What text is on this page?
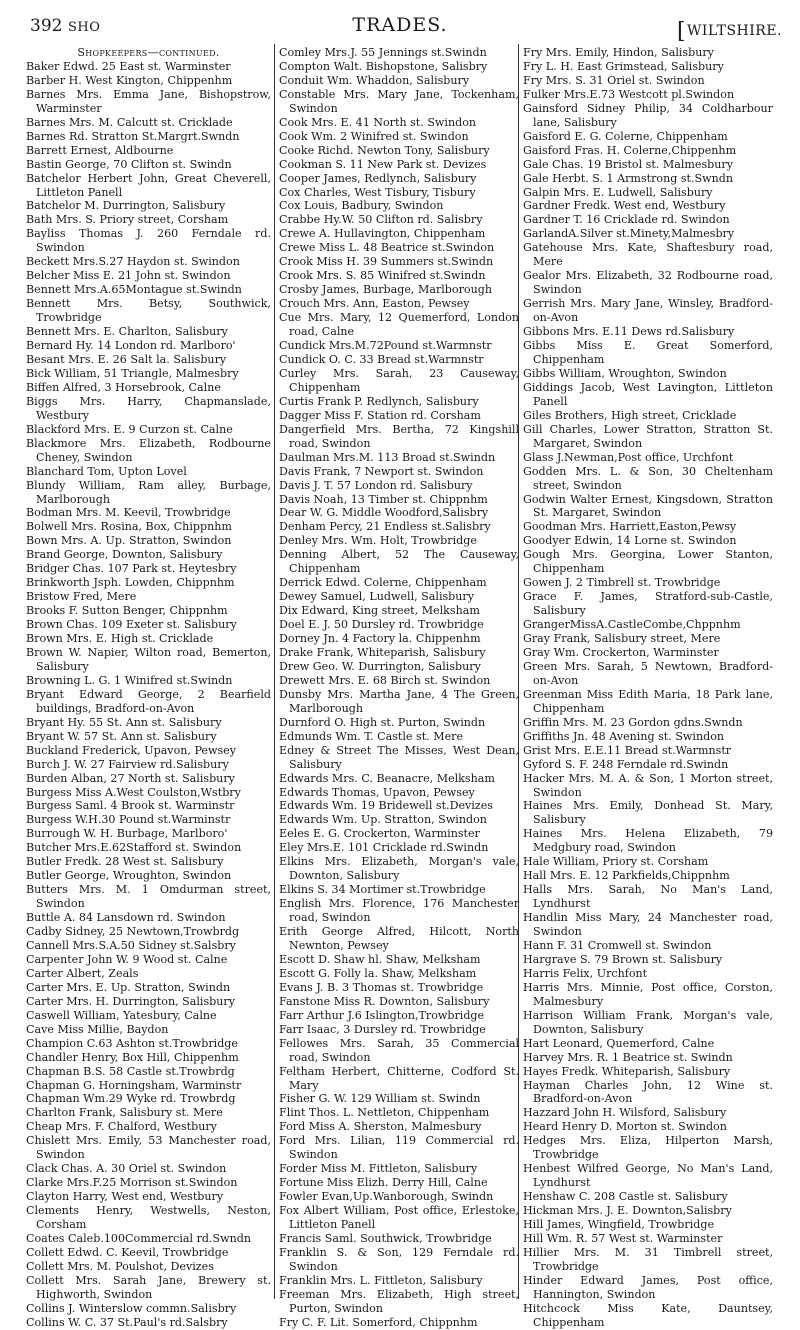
392 SHO	TRADES.	[WILTSHIRE.
Shopkeepers—continued.
Baker Edwd. 25 East st. Warminster
Barber H. West Kington, Chippenhm
Barnes Mrs. Emma Jane, Bishopstrow, Warminster
Barnes Mrs. M. Calcutt st. Cricklade
Barnes Rd. Stratton St.Margrt.Swndn
Barrett Ernest, Aldbourne
Bastin George, 70 Clifton st. Swindn
Batchelor Herbert John, Great Cheverell, Littleton Panell
Batchelor M. Durrington, Salisbury
Bath Mrs. S. Priory street, Corsham
Bayliss Thomas J. 260 Ferndale rd. Swindon
Beckett Mrs.S.27 Haydon st. Swindon
Belcher Miss E. 21 John st. Swindon
Bennett Mrs.A.65Montague st.Swindn
Bennett Mrs. Betsy, Southwick, Trowbridge
Bennett Mrs. E. Charlton, Salisbury
Bernard Hy. 14 London rd. Marlboro'
Besant Mrs. E. 26 Salt la. Salisbury
Bick William, 51 Triangle, Malmesbry
Biffen Alfred, 3 Horsebrook, Calne
Biggs Mrs. Harry, Chapmanslade, Westbury
Blackford Mrs. E. 9 Curzon st. Calne
Blackmore Mrs. Elizabeth, Rodbourne Cheney, Swindon
Blanchard Tom, Upton Lovel
Blundy William, Ram alley, Burbage, Marlborough
Bodman Mrs. M. Keevil, Trowbridge
Bolwell Mrs. Rosina, Box, Chippnhm
Bown Mrs. A. Up. Stratton, Swindon
Brand George, Downton, Salisbury
Bridger Chas. 107 Park st. Heytesbry
Brinkworth Jsph. Lowden, Chippnhm
Bristow Fred, Mere
Brooks F. Sutton Benger, Chippnhm
Brown Chas. 109 Exeter st. Salisbury
Brown Mrs. E. High st. Cricklade
Brown W. Napier, Wilton road, Bemerton, Salisbury
Browning L. G. 1 Winifred st.Swindn
Bryant Edward George, 2 Bearfield buildings, Bradford-on-Avon
Bryant Hy. 55 St. Ann st. Salisbury
Bryant W. 57 St. Ann st. Salisbury
Buckland Frederick, Upavon, Pewsey
Burch J. W. 27 Fairview rd.Salisbury
Burden Alban, 27 North st. Salisbury
Burgess Miss A.West Coulston,Wstbry
Burgess Saml. 4 Brook st. Warminstr
Burgess W.H.30 Pound st.Warminstr
Burrough W. H. Burbage, Marlboro'
Butcher Mrs.E.62Stafford st. Swindon
Butler Fredk. 28 West st. Salisbury
Butler George, Wroughton, Swindon
Butters Mrs. M. 1 Omdurman street, Swindon
Buttle A. 84 Lansdown rd. Swindon
Cadby Sidney, 25 Newtown,Trowbrdg
Cannell Mrs.S.A.50 Sidney st.Salsbry
Carpenter John W. 9 Wood st. Calne
Carter Albert, Zeals
Carter Mrs. E. Up. Stratton, Swindn
Carter Mrs. H. Durrington, Salisbury
Caswell William, Yatesbury, Calne
Cave Miss Millie, Baydon
Champion C.63 Ashton st.Trowbridge
Chandler Henry, Box Hill, Chippenhm
Chapman B.S. 58 Castle st.Trowbrdg
Chapman G. Horningsham, Warminstr
Chapman Wm.29 Wyke rd. Trowbrdg
Charlton Frank, Salisbury st. Mere
Cheap Mrs. F. Chalford, Westbury
Chislett Mrs. Emily, 53 Manchester road, Swindon
Clack Chas. A. 30 Oriel st. Swindon
Clarke Mrs.F.25 Morrison st.Swindon
Clayton Harry, West end, Westbury
Clements Henry, Westwells, Neston, Corsham
Coates Caleb.100Commercial rd.Swndn
Collett Edwd. C. Keevil, Trowbridge
Collett Mrs. M. Poulshot, Devizes
Collett Mrs. Sarah Jane, Brewery st. Highworth, Swindon
Collins J. Winterslow commn.Salisbry
Collins W. C. 37 St.Paul's rd.Salsbry
Comley Mrs.J. 55 Jennings st.Swindn
Compton Walt. Bishopstone, Salisbry
Conduit Wm. Whaddon, Salisbury
Constable Mrs. Mary Jane, Tockenham, Swindon
Cook Mrs. E. 41 North st. Swindon
Cook Wm. 2 Winifred st. Swindon
Cooke Richd. Newton Tony, Salisbury
Cookman S. 11 New Park st. Devizes
Cooper James, Redlynch, Salisbury
Cox Charles, West Tisbury, Tisbury
Cox Louis, Badbury, Swindon
Crabbe Hy.W. 50 Clifton rd. Salisbry
Crewe A. Hullavington, Chippenham
Crewe Miss L. 48 Beatrice st.Swindon
Crook Miss H. 39 Summers st.Swindn
Crook Mrs. S. 85 Winifred st.Swindn
Crosby James, Burbage, Marlborough
Crouch Mrs. Ann, Easton, Pewsey
Cue Mrs. Mary, 12 Quemerford, London road, Calne
Cundick Mrs.M.72Pound st.Warmnstr
Cundick O. C. 33 Bread st.Warmnstr
Curley Mrs. Sarah, 23 Causeway, Chippenham
Curtis Frank P. Redlynch, Salisbury
Dagger Miss F. Station rd. Corsham
Dangerfield Mrs. Bertha, 72 Kingshill road, Swindon
Daulman Mrs.M. 113 Broad st.Swindn
Davis Frank, 7 Newport st. Swindon
Davis J. T. 57 London rd. Salisbury
Davis Noah, 13 Timber st. Chippnhm
Dear W. G. Middle Woodford,Salisbry
Denham Percy, 21 Endless st.Salisbry
Denley Mrs. Wm. Holt, Trowbridge
Denning Albert, 52 The Causeway, Chippenham
Derrick Edwd. Colerne, Chippenham
Dewey Samuel, Ludwell, Salisbury
Dix Edward, King street, Melksham
Doel E. J. 50 Dursley rd. Trowbridge
Dorney Jn. 4 Factory la. Chippenhm
Drake Frank, Whiteparish, Salisbury
Drew Geo. W. Durrington, Salisbury
Drewett Mrs. E. 68 Birch st. Swindon
Dunsby Mrs. Martha Jane, 4 The Green, Marlborough
Durnford O. High st. Purton, Swindn
Edmunds Wm. T. Castle st. Mere
Edney & Street The Misses, West Dean, Salisbury
Edwards Mrs. C. Beanacre, Melksham
Edwards Thomas, Upavon, Pewsey
Edwards Wm. 19 Bridewell st.Devizes
Edwards Wm. Up. Stratton, Swindon
Eeles E. G. Crockerton, Warminster
Eley Mrs.E. 101 Cricklade rd.Swindn
Elkins Mrs. Elizabeth, Morgan's vale, Downton, Salisbury
Elkins S. 34 Mortimer st.Trowbridge
English Mrs. Florence, 176 Manchester road, Swindon
Erith George Alfred, Hilcott, North Newnton, Pewsey
Escott D. Shaw hl. Shaw, Melksham
Escott G. Folly la. Shaw, Melksham
Evans J. B. 3 Thomas st. Trowbridge
Fanstone Miss R. Downton, Salisbury
Farr Arthur J.6 Islington,Trowbridge
Farr Isaac, 3 Dursley rd. Trowbridge
Fellowes Mrs. Sarah, 35 Commercial road, Swindon
Feltham Herbert, Chitterne, Codford St. Mary
Fisher G. W. 129 William st. Swindn
Flint Thos. L. Nettleton, Chippenham
Ford Miss A. Sherston, Malmesbury
Ford Mrs. Lilian, 119 Commercial rd. Swindon
Forder Miss M. Fittleton, Salisbury
Fortune Miss Elizh. Derry Hill, Calne
Fowler Evan,Up.Wanborough, Swindn
Fox Albert William, Post office, Erlestoke, Littleton Panell
Francis Saml. Southwick, Trowbridge
Franklin S. & Son, 129 Ferndale rd. Swindon
Franklin Mrs. L. Fittleton, Salisbury
Freeman Mrs. Elizabeth, High street, Purton, Swindon
Fry C. F. Lit. Somerford, Chippnhm
Fry Mrs. Emily, Hindon, Salisbury
Fry L. H. East Grimstead, Salisbury
Fry Mrs. S. 31 Oriel st. Swindon
Fulker Mrs.E.73 Westcott pl.Swindon
Gainsford Sidney Philip, 34 Coldharbour lane, Salisbury
Gaisford E. G. Colerne, Chippenham
Gaisford Fras. H. Colerne,Chippenhm
Gale Chas. 19 Bristol st. Malmesbury
Gale Herbt. S. 1 Armstrong st.Swndn
Galpin Mrs. E. Ludwell, Salisbury
Gardner Fredk. West end, Westbury
Gardner T. 16 Cricklade rd. Swindon
GarlandA.Silver st.Minety,Malmesbry
Gatehouse Mrs. Kate, Shaftesbury road, Mere
Gealor Mrs. Elizabeth, 32 Rodbourne road, Swindon
Gerrish Mrs. Mary Jane, Winsley, Bradford-on-Avon
Gibbons Mrs. E.11 Dews rd.Salisbury
Gibbs Miss E. Great Somerford, Chippenham
Gibbs William, Wroughton, Swindon
Giddings Jacob, West Lavington, Littleton Panell
Giles Brothers, High street, Cricklade
Gill Charles, Lower Stratton, Stratton St. Margaret, Swindon
Glass J.Newman,Post office, Urchfont
Godden Mrs. L. & Son, 30 Cheltenham street, Swindon
Godwin Walter Ernest, Kingsdown, Stratton St. Margaret, Swindon
Goodman Mrs. Harriett,Easton,Pewsy
Goodyer Edwin, 14 Lorne st. Swindon
Gough Mrs. Georgina, Lower Stanton, Chippenham
Gowen J. 2 Timbrell st. Trowbridge
Grace F. James, Stratford-sub-Castle, Salisbury
GrangerMissA.CastleCombe,Chppnhm
Gray Frank, Salisbury street, Mere
Gray Wm. Crockerton, Warminster
Green Mrs. Sarah, 5 Newtown, Bradford-on-Avon
Greenman Miss Edith Maria, 18 Park lane, Chippenham
Griffin Mrs. M. 23 Gordon gdns.Swndn
Griffiths Jn. 48 Avening st. Swindon
Grist Mrs. E.E.11 Bread st.Warmnstr
Gyford S. F. 248 Ferndale rd.Swindn
Hacker Mrs. M. A. & Son, 1 Morton street, Swindon
Haines Mrs. Emily, Donhead St. Mary, Salisbury
Haines Mrs. Helena Elizabeth, 79 Medgbury road, Swindon
Hale William, Priory st. Corsham
Hall Mrs. E. 12 Parkfields,Chippnhm
Halls Mrs. Sarah, No Man's Land, Lyndhurst
Handlin Miss Mary, 24 Manchester road, Swindon
Hann F. 31 Cromwell st. Swindon
Hargrave S. 79 Brown st. Salisbury
Harris Felix, Urchfont
Harris Mrs. Minnie, Post office, Corston, Malmesbury
Harrison William Frank, Morgan's vale, Downton, Salisbury
Hart Leonard, Quemerford, Calne
Harvey Mrs. R. 1 Beatrice st. Swindn
Hayes Fredk. Whiteparish, Salisbury
Hayman Charles John, 12 Wine st. Bradford-on-Avon
Hazzard John H. Wilsford, Salisbury
Heard Henry D. Morton st. Swindon
Hedges Mrs. Eliza, Hilperton Marsh, Trowbridge
Henbest Wilfred George, No Man's Land, Lyndhurst
Henshaw C. 208 Castle st. Salisbury
Hickman Mrs. J. E. Downton,Salisbry
Hill James, Wingfield, Trowbridge
Hill Wm. R. 57 West st. Warminster
Hillier Mrs. M. 31 Timbrell street, Trowbridge
Hinder Edward James, Post office, Hannington, Swindon
Hitchcock Miss Kate, Dauntsey, Chippenham
